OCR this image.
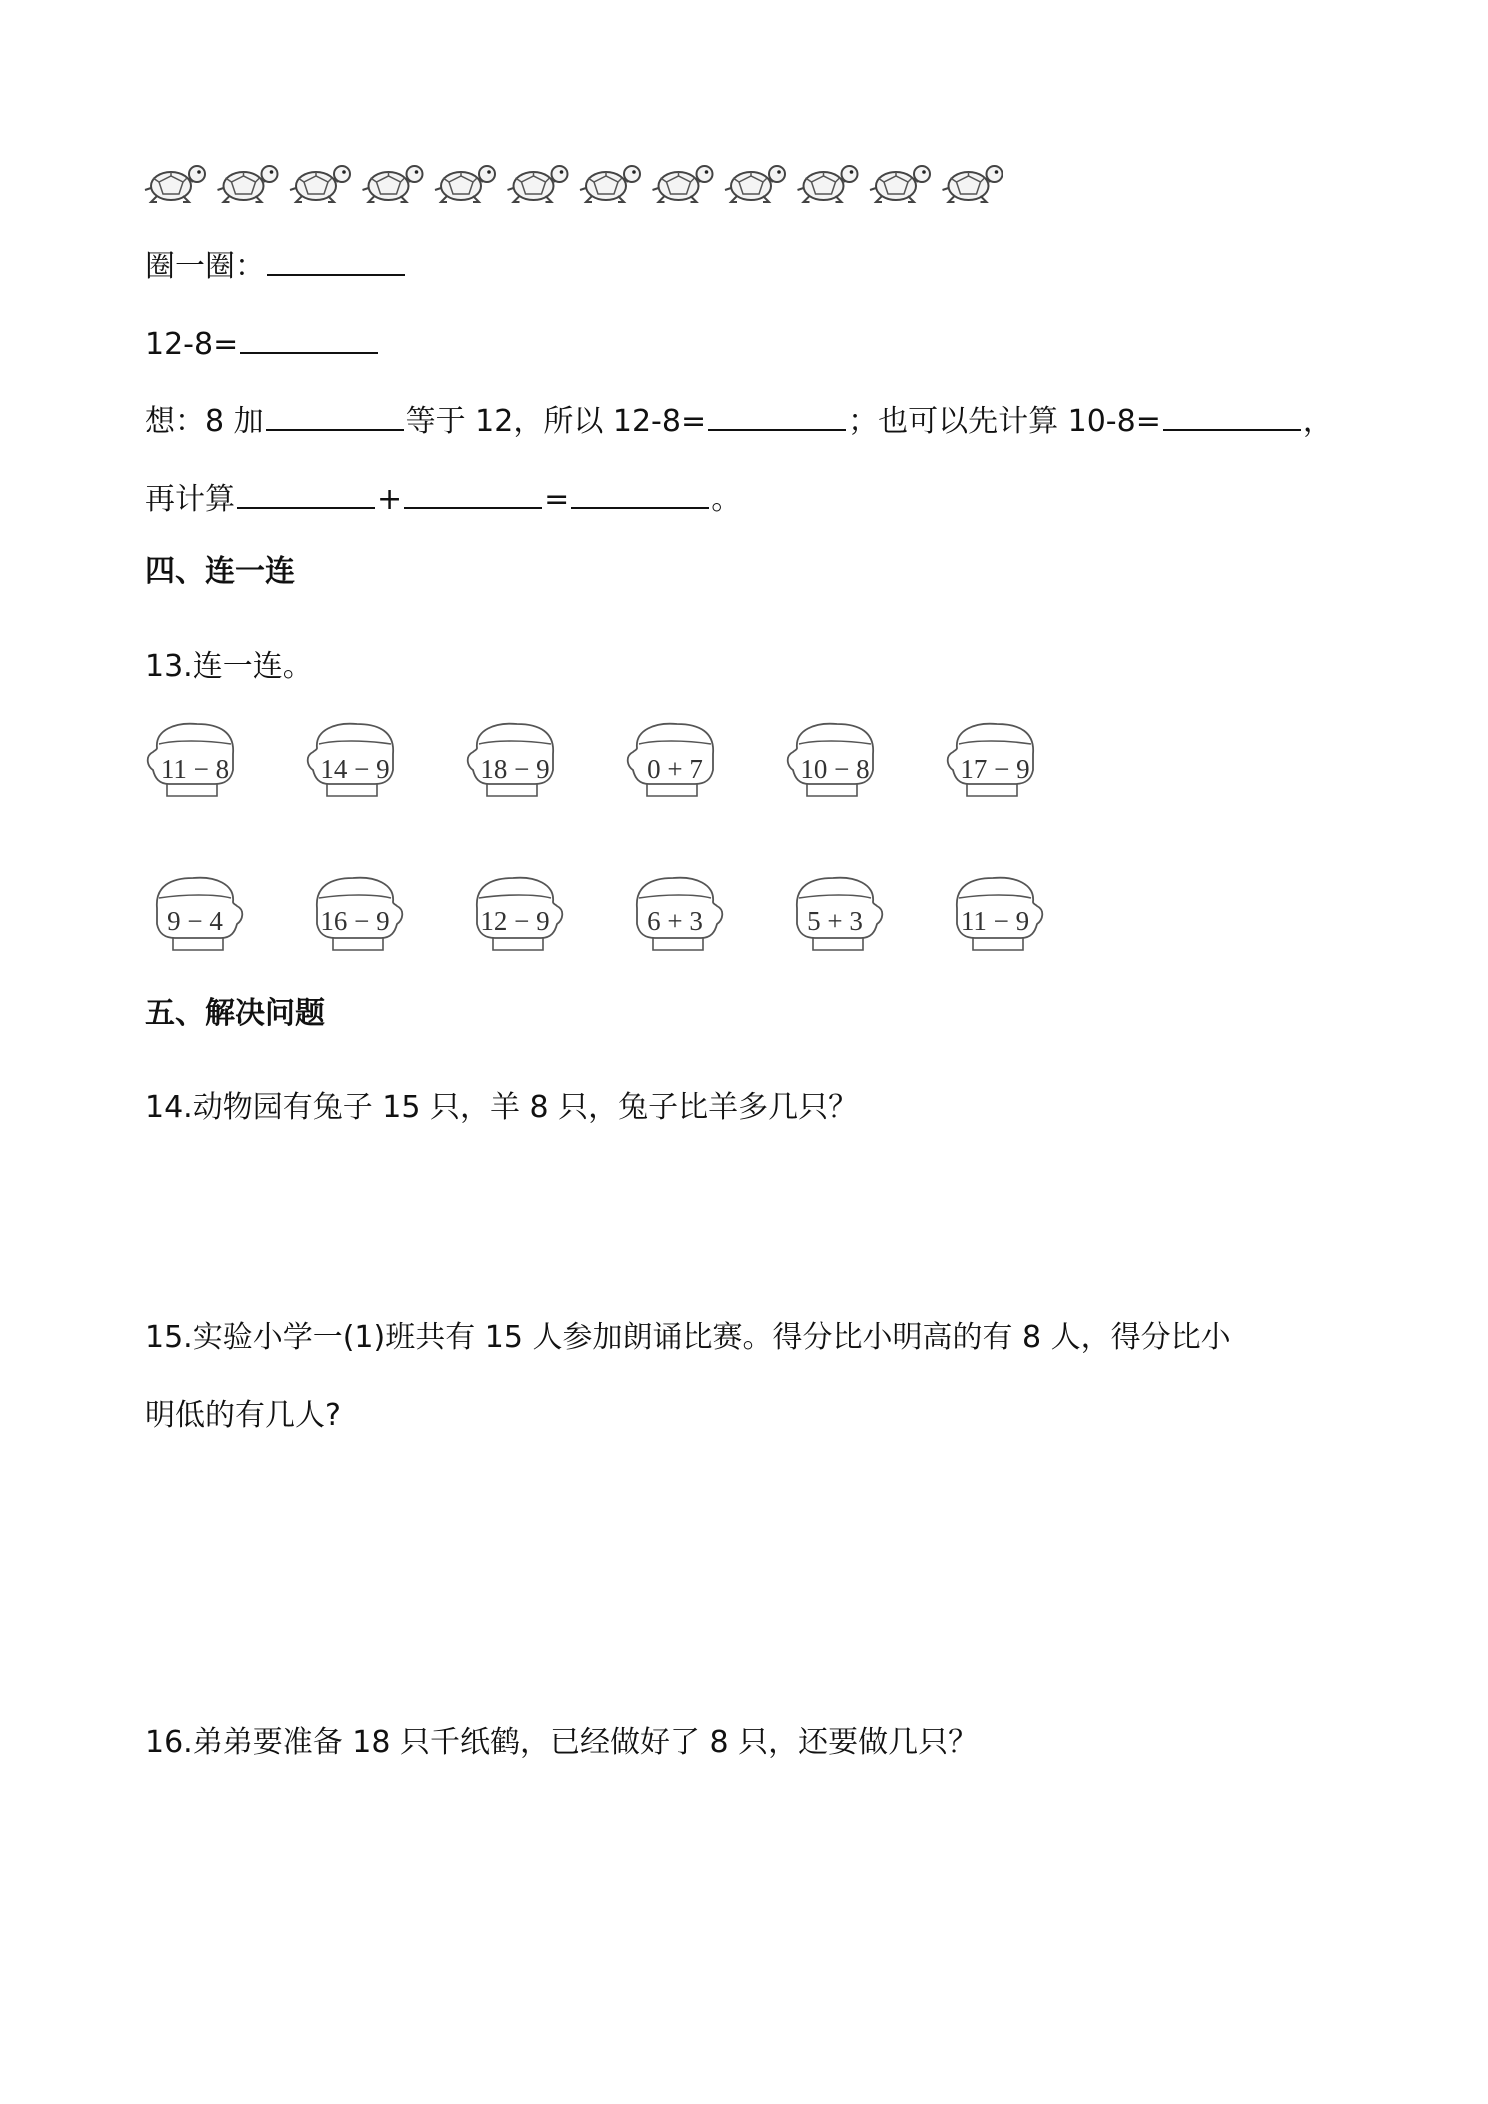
圈一圈：
12-8=
想：8 加	等于 12，所以 12-8=	；也可以先计算 10-8=	，
再计算	+	=	。
四、连一连
13.连一连。
11 − 8	14 − 9	18 − 9	0 + 7	10 − 8	17 − 9
9 − 4	16 − 9	12 − 9	6 + 3	5 + 3	11 − 9
五、解决问题
14.动物园有兔子 15 只，羊 8 只，兔子比羊多几只？
15.实验小学一(1)班共有 15 人参加朗诵比赛。得分比小明高的有 8 人，得分比小
明低的有几人?
16.弟弟要准备 18 只千纸鹤，已经做好了 8 只，还要做几只？
